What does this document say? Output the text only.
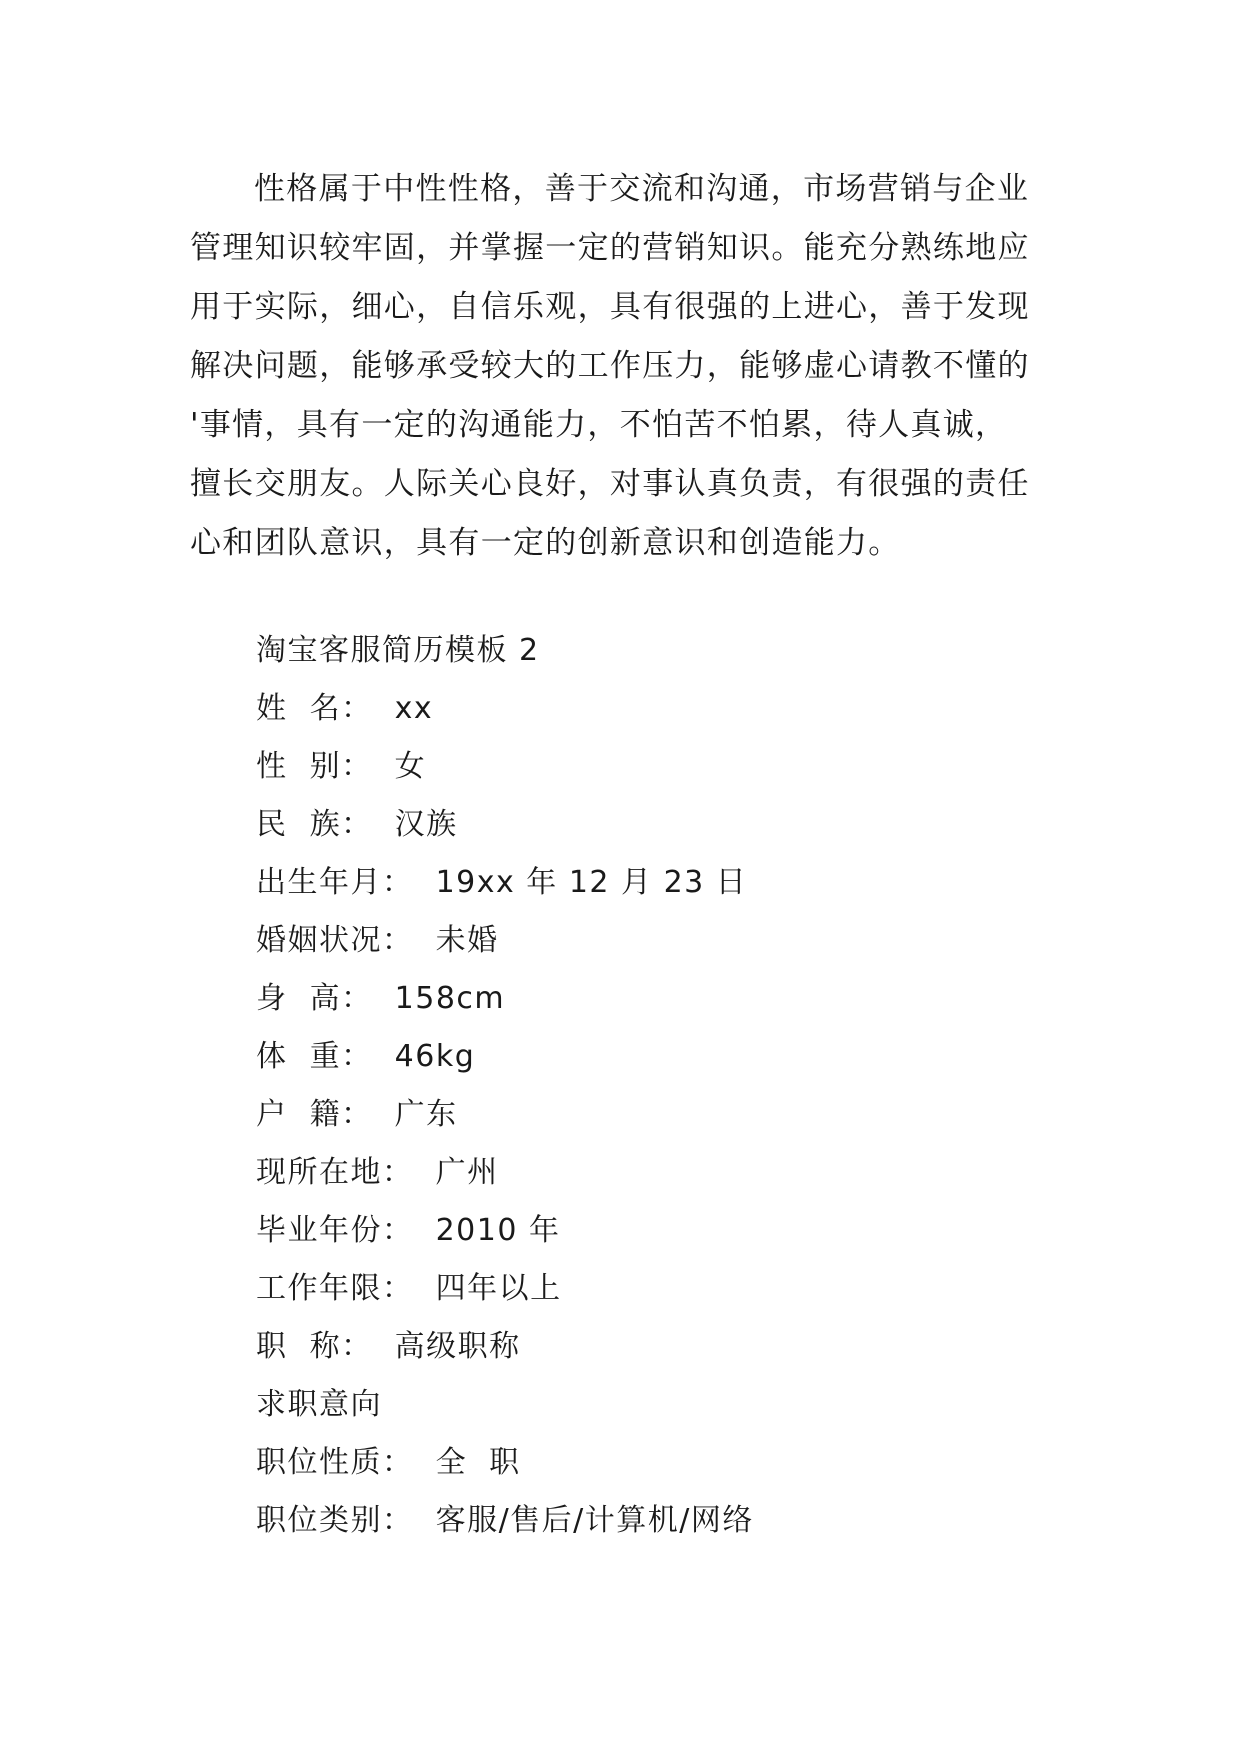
性格属于中性性格，善于交流和沟通，市场营销与企业
管理知识较牢固，并掌握一定的营销知识。能充分熟练地应
用于实际，细心，自信乐观，具有很强的上进心，善于发现
解决问题，能够承受较大的工作压力，能够虚心请教不懂的
'事情，具有一定的沟通能力，不怕苦不怕累，待人真诚，
擅长交朋友。人际关心良好，对事认真负责，有很强的责任
心和团队意识，具有一定的创新意识和创造能力。
淘宝客服简历模板 2
姓  名：  xx
性  别：  女
民  族：  汉族
出生年月：  19xx 年 12 月 23 日
婚姻状况：  未婚
身  高：  158cm
体  重：  46kg
户  籍：  广东
现所在地：  广州
毕业年份：  2010 年
工作年限：  四年以上
职  称：  高级职称
求职意向
职位性质：  全  职
职位类别：  客服/售后/计算机/网络
